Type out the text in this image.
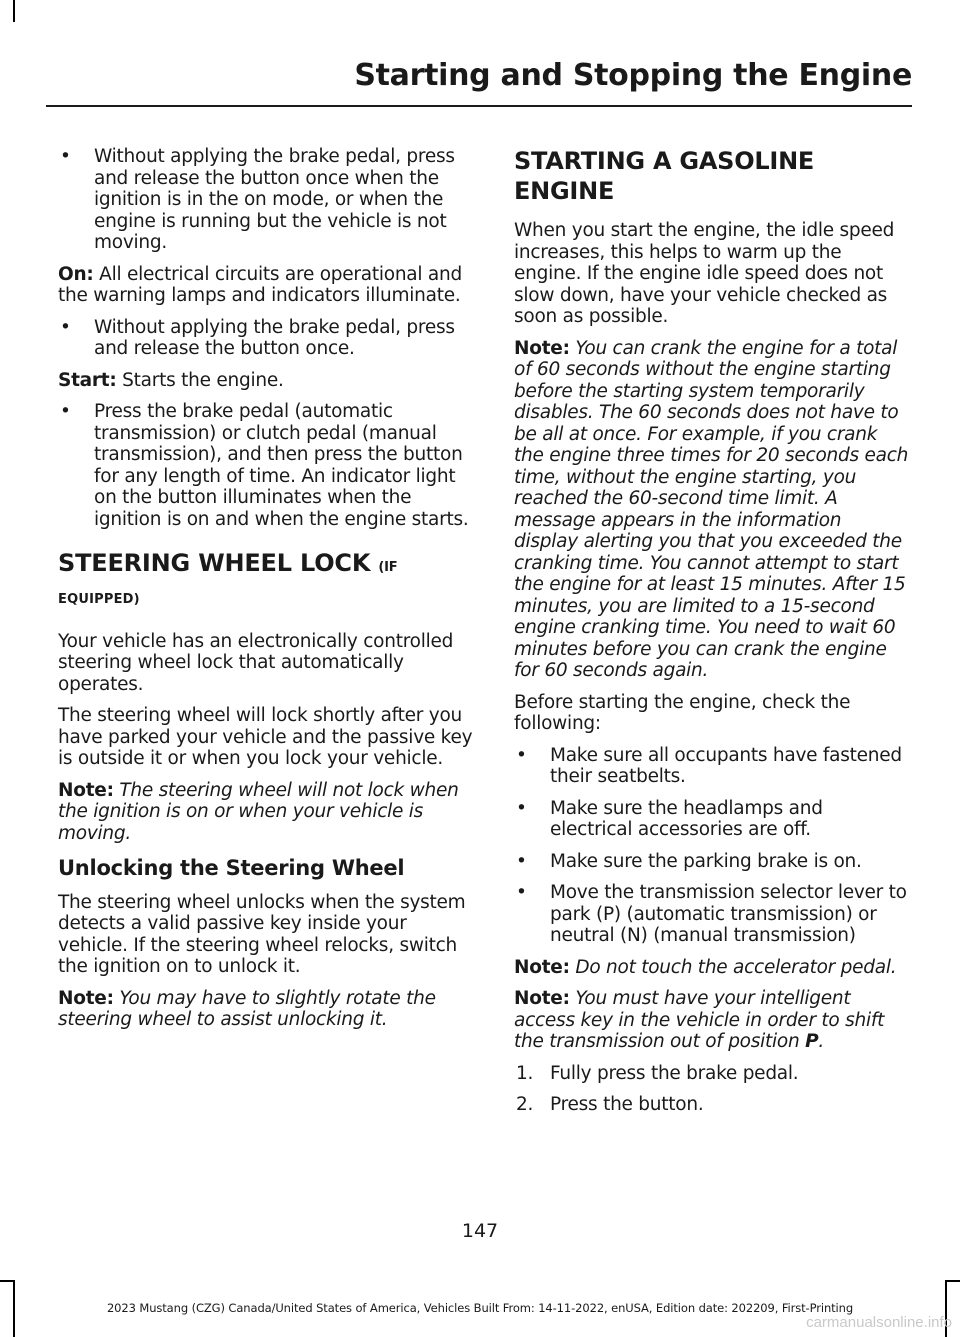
Starting and Stopping the Engine
•	Without applying the brake pedal, press and release the button once when the ignition is in the on mode, or when the engine is running but the vehicle is not moving.

On: All electrical circuits are operational and the warning lamps and indicators illuminate.

•	Without applying the brake pedal, press and release the button once.

Start: Starts the engine.

•	Press the brake pedal (automatic transmission) or clutch pedal (manual transmission), and then press the button for any length of time. An indicator light on the button illuminates when the ignition is on and when the engine starts.
STEERING WHEEL LOCK (IF
EQUIPPED)

Your vehicle has an electronically controlled steering wheel lock that automatically operates.

The steering wheel will lock shortly after you have parked your vehicle and the passive key is outside it or when you lock your vehicle.

Note: The steering wheel will not lock when the ignition is on or when your vehicle is moving.

Unlocking the Steering Wheel

The steering wheel unlocks when the system detects a valid passive key inside your vehicle. If the steering wheel relocks, switch the ignition on to unlock it.

Note: You may have to slightly rotate the steering wheel to assist unlocking it.

STARTING A GASOLINE
ENGINE

When you start the engine, the idle speed increases, this helps to warm up the engine. If the engine idle speed does not slow down, have your vehicle checked as soon as possible.

Note: You can crank the engine for a total of 60 seconds without the engine starting before the starting system temporarily disables. The 60 seconds does not have to be all at once. For example, if you crank the engine three times for 20 seconds each time, without the engine starting, you reached the 60-second time limit. A message appears in the information display alerting you that you exceeded the cranking time. You cannot attempt to start the engine for at least 15 minutes. After 15 minutes, you are limited to a 15-second engine cranking time. You need to wait 60 minutes before you can crank the engine for 60 seconds again.

Before starting the engine, check the following:

•	Make sure all occupants have fastened their seatbelts.
•	Make sure the headlamps and electrical accessories are off.
•	Make sure the parking brake is on.
•	Move the transmission selector lever to park (P) (automatic transmission) or neutral (N) (manual transmission)

Note: Do not touch the accelerator pedal.

Note: You must have your intelligent access key in the vehicle in order to shift the transmission out of position P.

1. Fully press the brake pedal.
2. Press the button.
147
2023 Mustang (CZG) Canada/United States of America, Vehicles Built From: 14-11-2022, enUSA, Edition date: 202209, First-Printing
carmanualsonline.info
